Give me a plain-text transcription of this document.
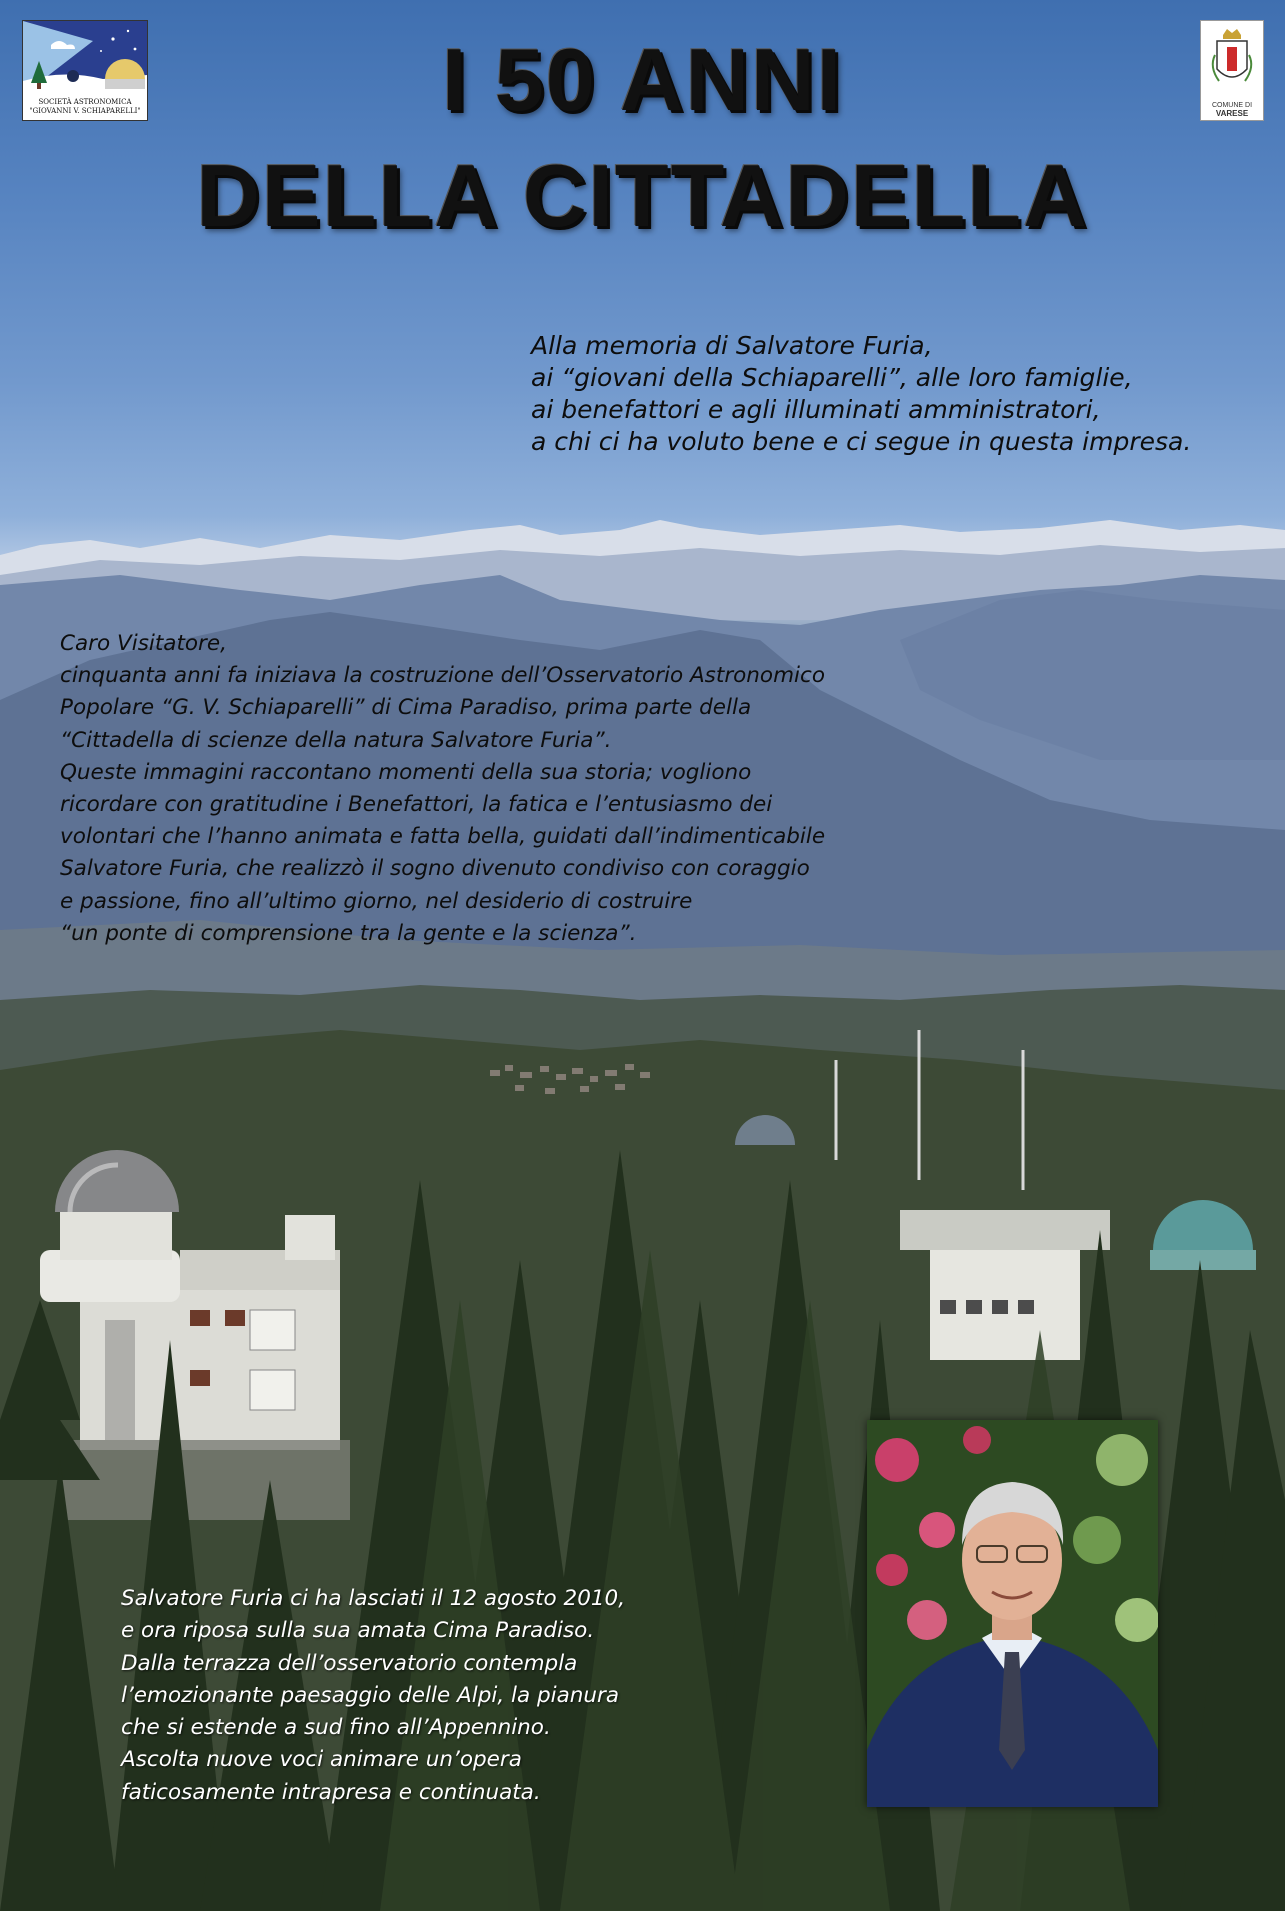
SOCIETÀ ASTRONOMICA
"GIOVANNI V. SCHIAPARELLI"
COMUNE DI
VARESE
I 50 ANNI
DELLA CITTADELLA

Alla memoria di Salvatore Furia,
ai “giovani della Schiaparelli”, alle loro famiglie,
ai benefattori e agli illuminati amministratori,
a chi ci ha voluto bene e ci segue in questa impresa.

Caro Visitatore,
cinquanta anni fa iniziava la costruzione dell’Osservatorio Astronomico
Popolare “G. V. Schiaparelli” di Cima Paradiso, prima parte della
“Cittadella di scienze della natura Salvatore Furia”.
Queste immagini raccontano momenti della sua storia; vogliono
ricordare con gratitudine i Benefattori, la fatica e l’entusiasmo dei
volontari che l’hanno animata e fatta bella, guidati dall’indimenticabile
Salvatore Furia, che realizzò il sogno divenuto condiviso con coraggio
e passione, fino all’ultimo giorno, nel desiderio di costruire
“un ponte di comprensione tra la gente e la scienza”.

Salvatore Furia ci ha lasciati il 12 agosto 2010,
e ora riposa sulla sua amata Cima Paradiso.
Dalla terrazza dell’osservatorio contempla
l’emozionante paesaggio delle Alpi, la pianura
che si estende a sud fino all’Appennino.
Ascolta nuove voci animare un’opera
faticosamente intrapresa e continuata.
